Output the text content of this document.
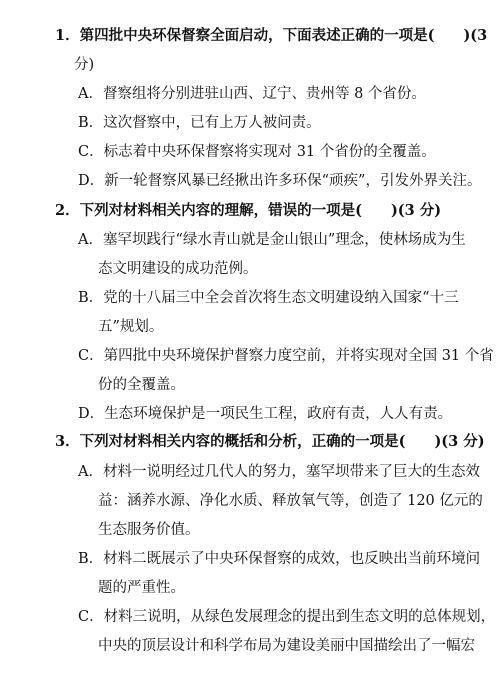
1．第四批中央环保督察全面启动，下面表述正确的一项是(　　)(3
分)
A．督察组将分别进驻山西、辽宁、贵州等 8 个省份。
B．这次督察中，已有上万人被问责。
C．标志着中央环保督察将实现对 31 个省份的全覆盖。
D．新一轮督察风暴已经揪出许多环保“顽疾”，引发外界关注。
2．下列对材料相关内容的理解，错误的一项是(　　)(3 分)
A．塞罕坝践行“绿水青山就是金山银山”理念，使林场成为生
态文明建设的成功范例。
B．党的十八届三中全会首次将生态文明建设纳入国家“十三
五”规划。
C．第四批中央环境保护督察力度空前，并将实现对全国 31 个省
份的全覆盖。
D．生态环境保护是一项民生工程，政府有责，人人有责。
3．下列对材料相关内容的概括和分析，正确的一项是(　　)(3 分)
A．材料一说明经过几代人的努力，塞罕坝带来了巨大的生态效
益：涵养水源、净化水质、释放氧气等，创造了 120 亿元的
生态服务价值。
B．材料二既展示了中央环保督察的成效，也反映出当前环境问
题的严重性。
C．材料三说明，从绿色发展理念的提出到生态文明的总体规划，
中央的顶层设计和科学布局为建设美丽中国描绘出了一幅宏
